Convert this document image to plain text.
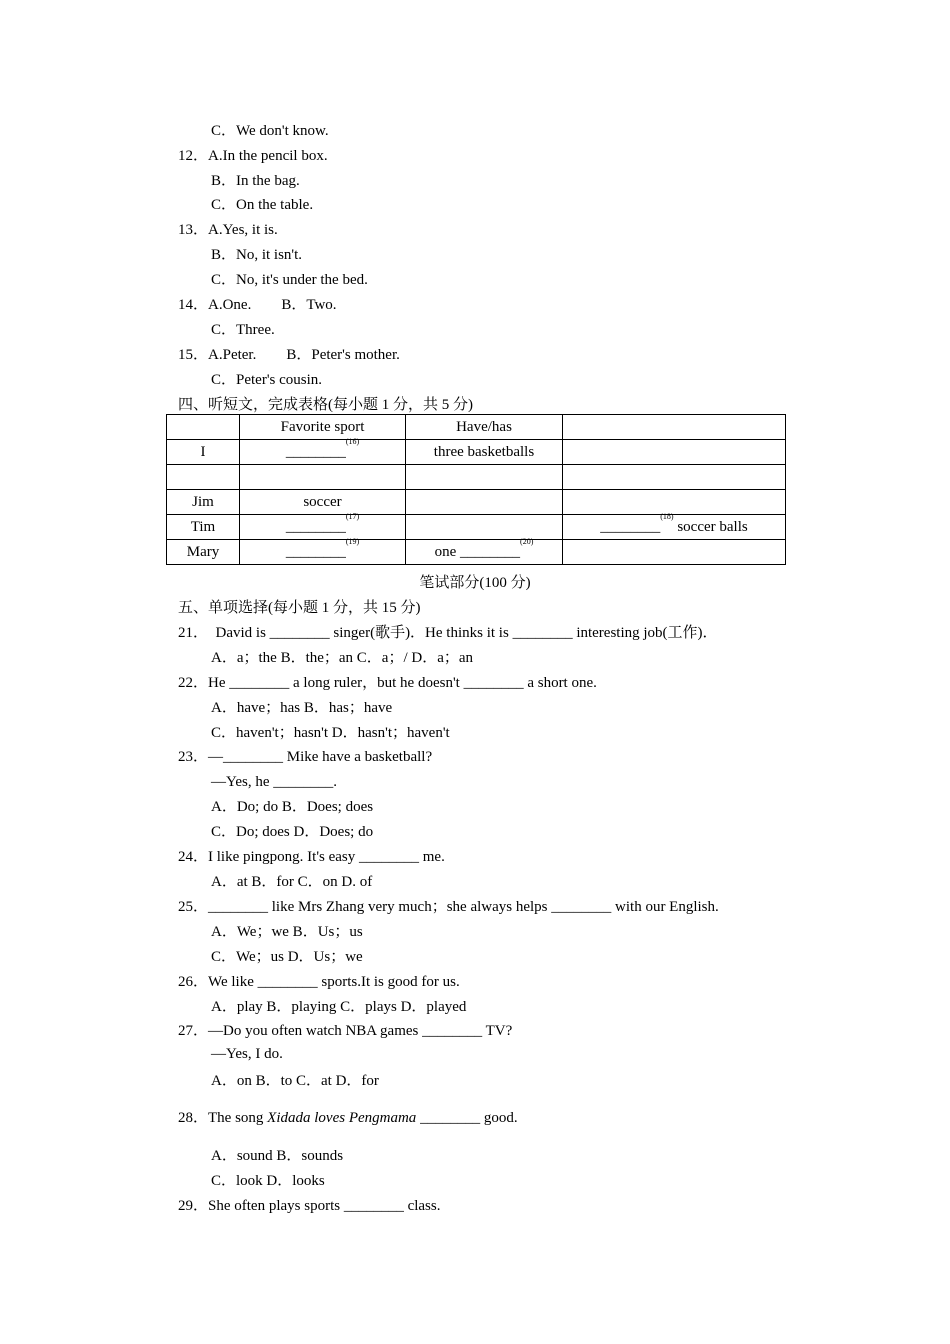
C．We don't know.
12．A.In the pencil box.
B．In the bag.
C．On the table.
13．A.Yes, it is.
B．No, it isn't.
C．No, it's under the bed.
14．A.One.        B．Two.
C．Three.
15．A.Peter.        B．Peter's mother.
C．Peter's cousin.
四、听短文，完成表格(每小题 1 分，共 5 分)
	Favorite sport	Have/has	
I	________$^{(16)}$	three basketballs	

Jim	soccer		
Tim	________$^{(17)}$		________$^{(18)}$ soccer balls
Mary	________$^{(19)}$	one ________$^{(20)}$	
笔试部分(100 分)
五、单项选择(每小题 1 分，共 15 分)
21．  David is ________ singer(歌手)．He thinks it is ________ interesting job(工作)．
A．a；the B．the；an C．a；/ D．a；an
22．He ________ a long ruler，but he doesn't ________ a short one.
A．have；has B．has；have
C．haven't；hasn't D．hasn't；haven't
23．—________ Mike have a basketball?
—Yes, he ________.
A．Do; do B．Does; does
C．Do; does D．Does; do
24．I like pingpong. It's easy ________ me.
A．at B．for C．on D. of
25．________ like Mrs Zhang very much；she always helps ________ with our English.
A．We；we B．Us；us
C．We；us D．Us；we
26．We like ________ sports.It is good for us.
A．play B．playing C．plays D．played
27．—Do you often watch NBA games ________ TV?
—Yes, I do.
A．on B．to C．at D．for
28．The song Xidada loves Pengmama ________ good.
A．sound B．sounds
C．look D．looks
29．She often plays sports ________ class.
